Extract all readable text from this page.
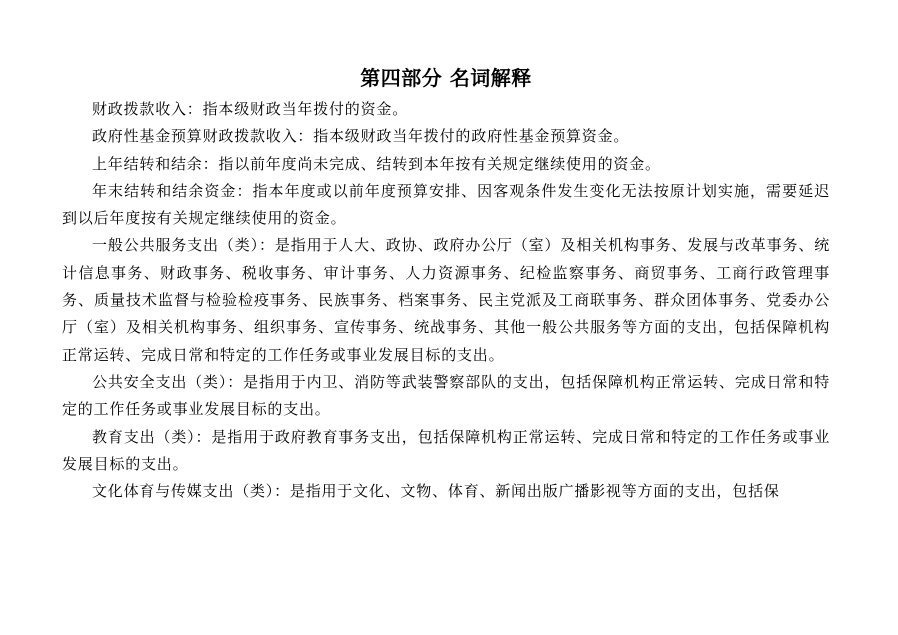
第四部分 名词解释

财政拨款收入：指本级财政当年拨付的资金。

政府性基金预算财政拨款收入：指本级财政当年拨付的政府性基金预算资金。

上年结转和结余：指以前年度尚未完成、结转到本年按有关规定继续使用的资金。

年末结转和结余资金：指本年度或以前年度预算安排、因客观条件发生变化无法按原计划实施，需要延迟到以后年度按有关规定继续使用的资金。

一般公共服务支出（类）：是指用于人大、政协、政府办公厅（室）及相关机构事务、发展与改革事务、统计信息事务、财政事务、税收事务、审计事务、人力资源事务、纪检监察事务、商贸事务、工商行政管理事务、质量技术监督与检验检疫事务、民族事务、档案事务、民主党派及工商联事务、群众团体事务、党委办公厅（室）及相关机构事务、组织事务、宣传事务、统战事务、其他一般公共服务等方面的支出，包括保障机构正常运转、完成日常和特定的工作任务或事业发展目标的支出。

公共安全支出（类）：是指用于内卫、消防等武装警察部队的支出，包括保障机构正常运转、完成日常和特定的工作任务或事业发展目标的支出。

教育支出（类）：是指用于政府教育事务支出，包括保障机构正常运转、完成日常和特定的工作任务或事业发展目标的支出。

文化体育与传媒支出（类）：是指用于文化、文物、体育、新闻出版广播影视等方面的支出，包括保
